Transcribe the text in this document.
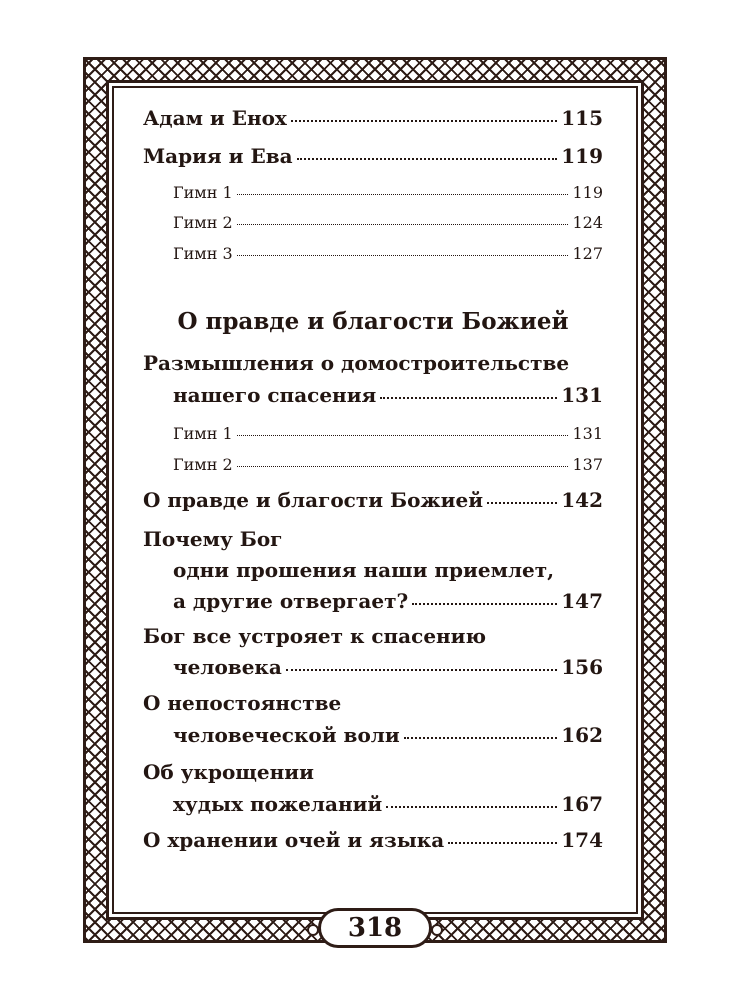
Адам и Енох	115
Мария и Ева	119
Гимн 1	119
Гимн 2	124
Гимн 3	127
О правде и благости Божией
Размышления о домостроительстве
нашего спасения	131
Гимн 1	131
Гимн 2	137
О правде и благости Божией	142
Почему Бог
одни прошения наши приемлет,
а другие отвергает?	147
Бог все устрояет к спасению
человека	156
О непостоянстве
человеческой воли	162
Об укрощении
худых пожеланий	167
О хранении очей и языка	174
318
